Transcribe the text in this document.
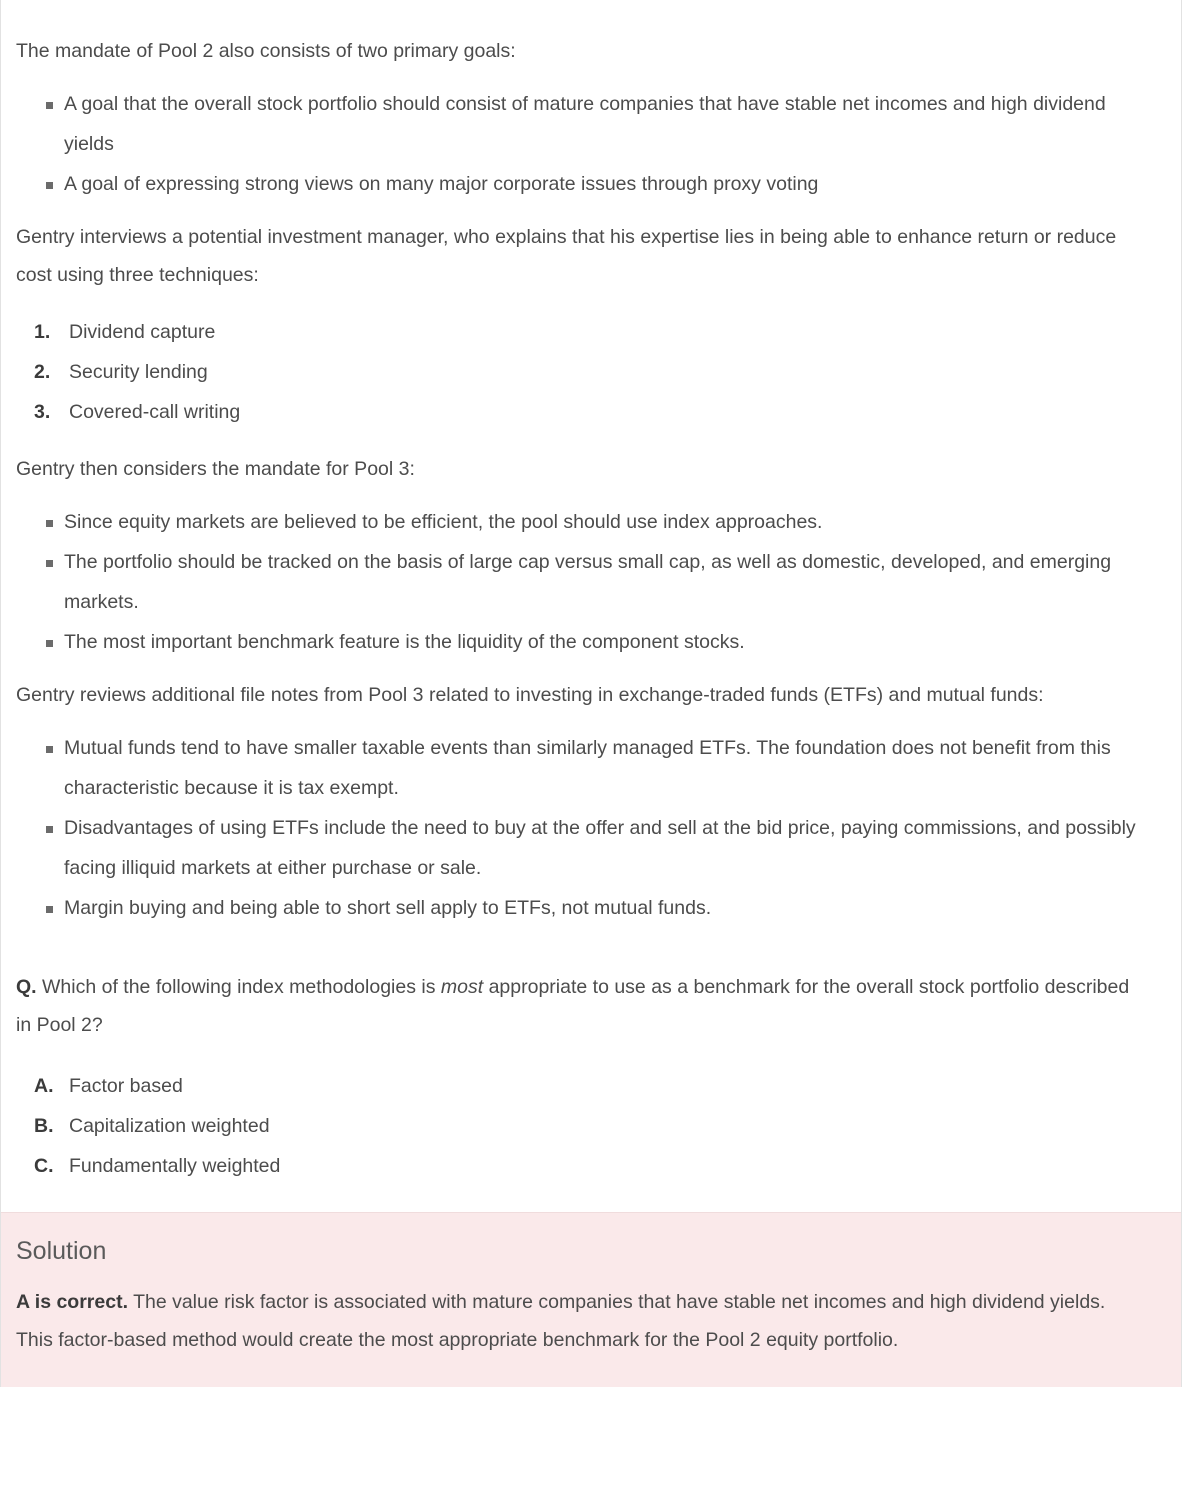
The mandate of Pool 2 also consists of two primary goals:

A goal that the overall stock portfolio should consist of mature companies that have stable net incomes and high dividend yields
A goal of expressing strong views on many major corporate issues through proxy voting

Gentry interviews a potential investment manager, who explains that his expertise lies in being able to enhance return or reduce cost using three techniques:

1. Dividend capture
2. Security lending
3. Covered-call writing

Gentry then considers the mandate for Pool 3:

Since equity markets are believed to be efficient, the pool should use index approaches.
The portfolio should be tracked on the basis of large cap versus small cap, as well as domestic, developed, and emerging markets.
The most important benchmark feature is the liquidity of the component stocks.

Gentry reviews additional file notes from Pool 3 related to investing in exchange-traded funds (ETFs) and mutual funds:

Mutual funds tend to have smaller taxable events than similarly managed ETFs. The foundation does not benefit from this characteristic because it is tax exempt.
Disadvantages of using ETFs include the need to buy at the offer and sell at the bid price, paying commissions, and possibly facing illiquid markets at either purchase or sale.
Margin buying and being able to short sell apply to ETFs, not mutual funds.

Q. Which of the following index methodologies is most appropriate to use as a benchmark for the overall stock portfolio described in Pool 2?

A. Factor based
B. Capitalization weighted
C. Fundamentally weighted
Solution

A is correct. The value risk factor is associated with mature companies that have stable net incomes and high dividend yields. This factor-based method would create the most appropriate benchmark for the Pool 2 equity portfolio.
